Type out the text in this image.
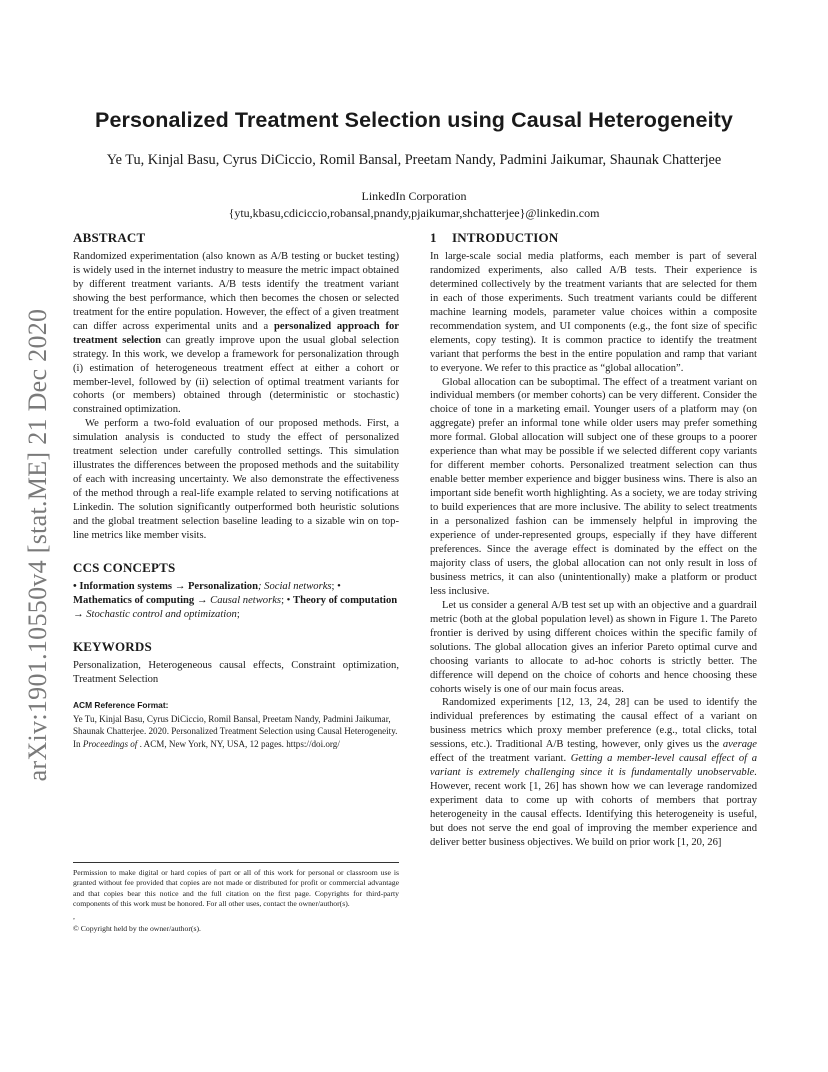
arXiv:1901.10550v4 [stat.ME] 21 Dec 2020
Personalized Treatment Selection using Causal Heterogeneity
Ye Tu, Kinjal Basu, Cyrus DiCiccio, Romil Bansal, Preetam Nandy, Padmini Jaikumar, Shaunak Chatterjee
LinkedIn Corporation
{ytu,kbasu,cdiciccio,robansal,pnandy,pjaikumar,shchatterjee}@linkedin.com
ABSTRACT

Randomized experimentation (also known as A/B testing or bucket testing) is widely used in the internet industry to measure the metric impact obtained by different treatment variants. A/B tests identify the treatment variant showing the best performance, which then becomes the chosen or selected treatment for the entire population. However, the effect of a given treatment can differ across experimental units and a personalized approach for treatment selection can greatly improve upon the usual global selection strategy. In this work, we develop a framework for personalization through (i) estimation of heterogeneous treatment effect at either a cohort or member-level, followed by (ii) selection of optimal treatment variants for cohorts (or members) obtained through (deterministic or stochastic) constrained optimization.

We perform a two-fold evaluation of our proposed methods. First, a simulation analysis is conducted to study the effect of personalized treatment selection under carefully controlled settings. This simulation illustrates the differences between the proposed methods and the suitability of each with increasing uncertainty. We also demonstrate the effectiveness of the method through a real-life example related to serving notifications at Linkedin. The solution significantly outperformed both heuristic solutions and the global treatment selection baseline leading to a sizable win on top-line metrics like member visits.

CCS CONCEPTS

• Information systems → Personalization; Social networks; • Mathematics of computing → Causal networks; • Theory of computation → Stochastic control and optimization;

KEYWORDS

Personalization, Heterogeneous causal effects, Constraint optimization, Treatment Selection

ACM Reference Format:

Ye Tu, Kinjal Basu, Cyrus DiCiccio, Romil Bansal, Preetam Nandy, Padmini Jaikumar, Shaunak Chatterjee. 2020. Personalized Treatment Selection using Causal Heterogeneity. In Proceedings of . ACM, New York, NY, USA, 12 pages. https://doi.org/

Permission to make digital or hard copies of part or all of this work for personal or classroom use is granted without fee provided that copies are not made or distributed for profit or commercial advantage and that copies bear this notice and the full citation on the first page. Copyrights for third-party components of this work must be honored. For all other uses, contact the owner/author(s).

,

© Copyright held by the owner/author(s).

1 INTRODUCTION

In large-scale social media platforms, each member is part of several randomized experiments, also called A/B tests. Their experience is determined collectively by the treatment variants that are selected for them in each of those experiments. Such treatment variants could be different machine learning models, parameter value choices within a composite recommendation system, and UI components (e.g., the font size of specific elements, copy testing). It is common practice to identify the treatment variant that performs the best in the entire population and ramp that variant to everyone. We refer to this practice as “global allocation”.

Global allocation can be suboptimal. The effect of a treatment variant on individual members (or member cohorts) can be very different. Consider the choice of tone in a marketing email. Younger users of a platform may (on aggregate) prefer an informal tone while older users may prefer something more formal. Global allocation will subject one of these groups to a poorer experience than what may be possible if we selected different copy variants for different member cohorts. Personalized treatment selection can thus enable better member experience and bigger business wins. There is also an important side benefit worth highlighting. As a society, we are today striving to build experiences that are more inclusive. The ability to select treatments in a personalized fashion can be immensely helpful in improving the experience of under-represented groups, especially if they have different preferences. Since the average effect is dominated by the effect on the majority class of users, the global allocation can not only result in loss of business metrics, it can also (unintentionally) make a platform or product less inclusive.

Let us consider a general A/B test set up with an objective and a guardrail metric (both at the global population level) as shown in Figure 1. The Pareto frontier is derived by using different choices within the specific family of solutions. The global allocation gives an inferior Pareto optimal curve and choosing variants to allocate to ad-hoc cohorts is strictly better. The difference will depend on the choice of cohorts and hence choosing these cohorts wisely is one of our main focus areas.

Randomized experiments [12, 13, 24, 28] can be used to identify the individual preferences by estimating the causal effect of a variant on business metrics which proxy member preference (e.g., total clicks, total sessions, etc.). Traditional A/B testing, however, only gives us the average effect of the treatment variant. Getting a member-level causal effect of a variant is extremely challenging since it is fundamentally unobservable. However, recent work [1, 26] has shown how we can leverage randomized experiment data to come up with cohorts of members that portray heterogeneity in the causal effects. Identifying this heterogeneity is useful, but does not serve the end goal of improving the member experience and deliver better business objectives. We build on prior work [1, 20, 26]
